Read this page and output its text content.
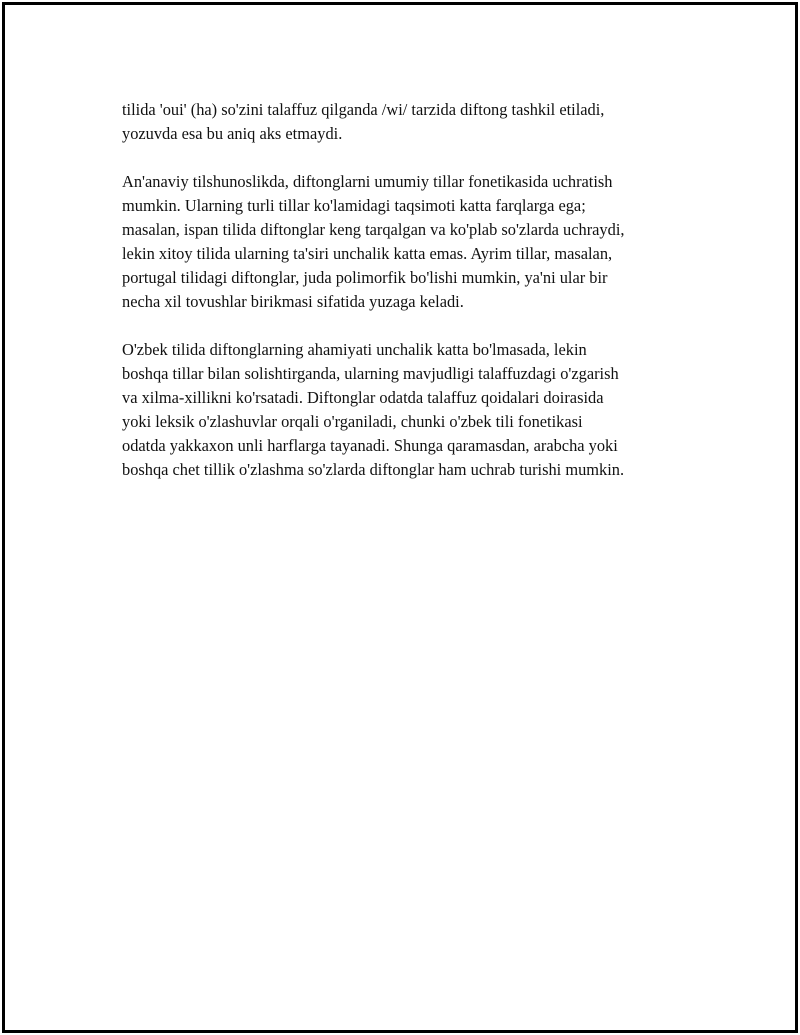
tilida 'oui' (ha) so'zini talaffuz qilganda /wi/ tarzida diftong tashkil etiladi,
yozuvda esa bu aniq aks etmaydi.

An'anaviy tilshunoslikda, diftonglarni umumiy tillar fonetikasida uchratish
mumkin. Ularning turli tillar ko'lamidagi taqsimoti katta farqlarga ega;
masalan, ispan tilida diftonglar keng tarqalgan va ko'plab so'zlarda uchraydi,
lekin xitoy tilida ularning ta'siri unchalik katta emas. Ayrim tillar, masalan,
portugal tilidagi diftonglar, juda polimorfik bo'lishi mumkin, ya'ni ular bir
necha xil tovushlar birikmasi sifatida yuzaga keladi.

O'zbek tilida diftonglarning ahamiyati unchalik katta bo'lmasada, lekin
boshqa tillar bilan solishtirganda, ularning mavjudligi talaffuzdagi o'zgarish
va xilma-xillikni ko'rsatadi. Diftonglar odatda talaffuz qoidalari doirasida
yoki leksik o'zlashuvlar orqali o'rganiladi, chunki o'zbek tili fonetikasi
odatda yakkaxon unli harflarga tayanadi. Shunga qaramasdan, arabcha yoki
boshqa chet tillik o'zlashma so'zlarda diftonglar ham uchrab turishi mumkin.
